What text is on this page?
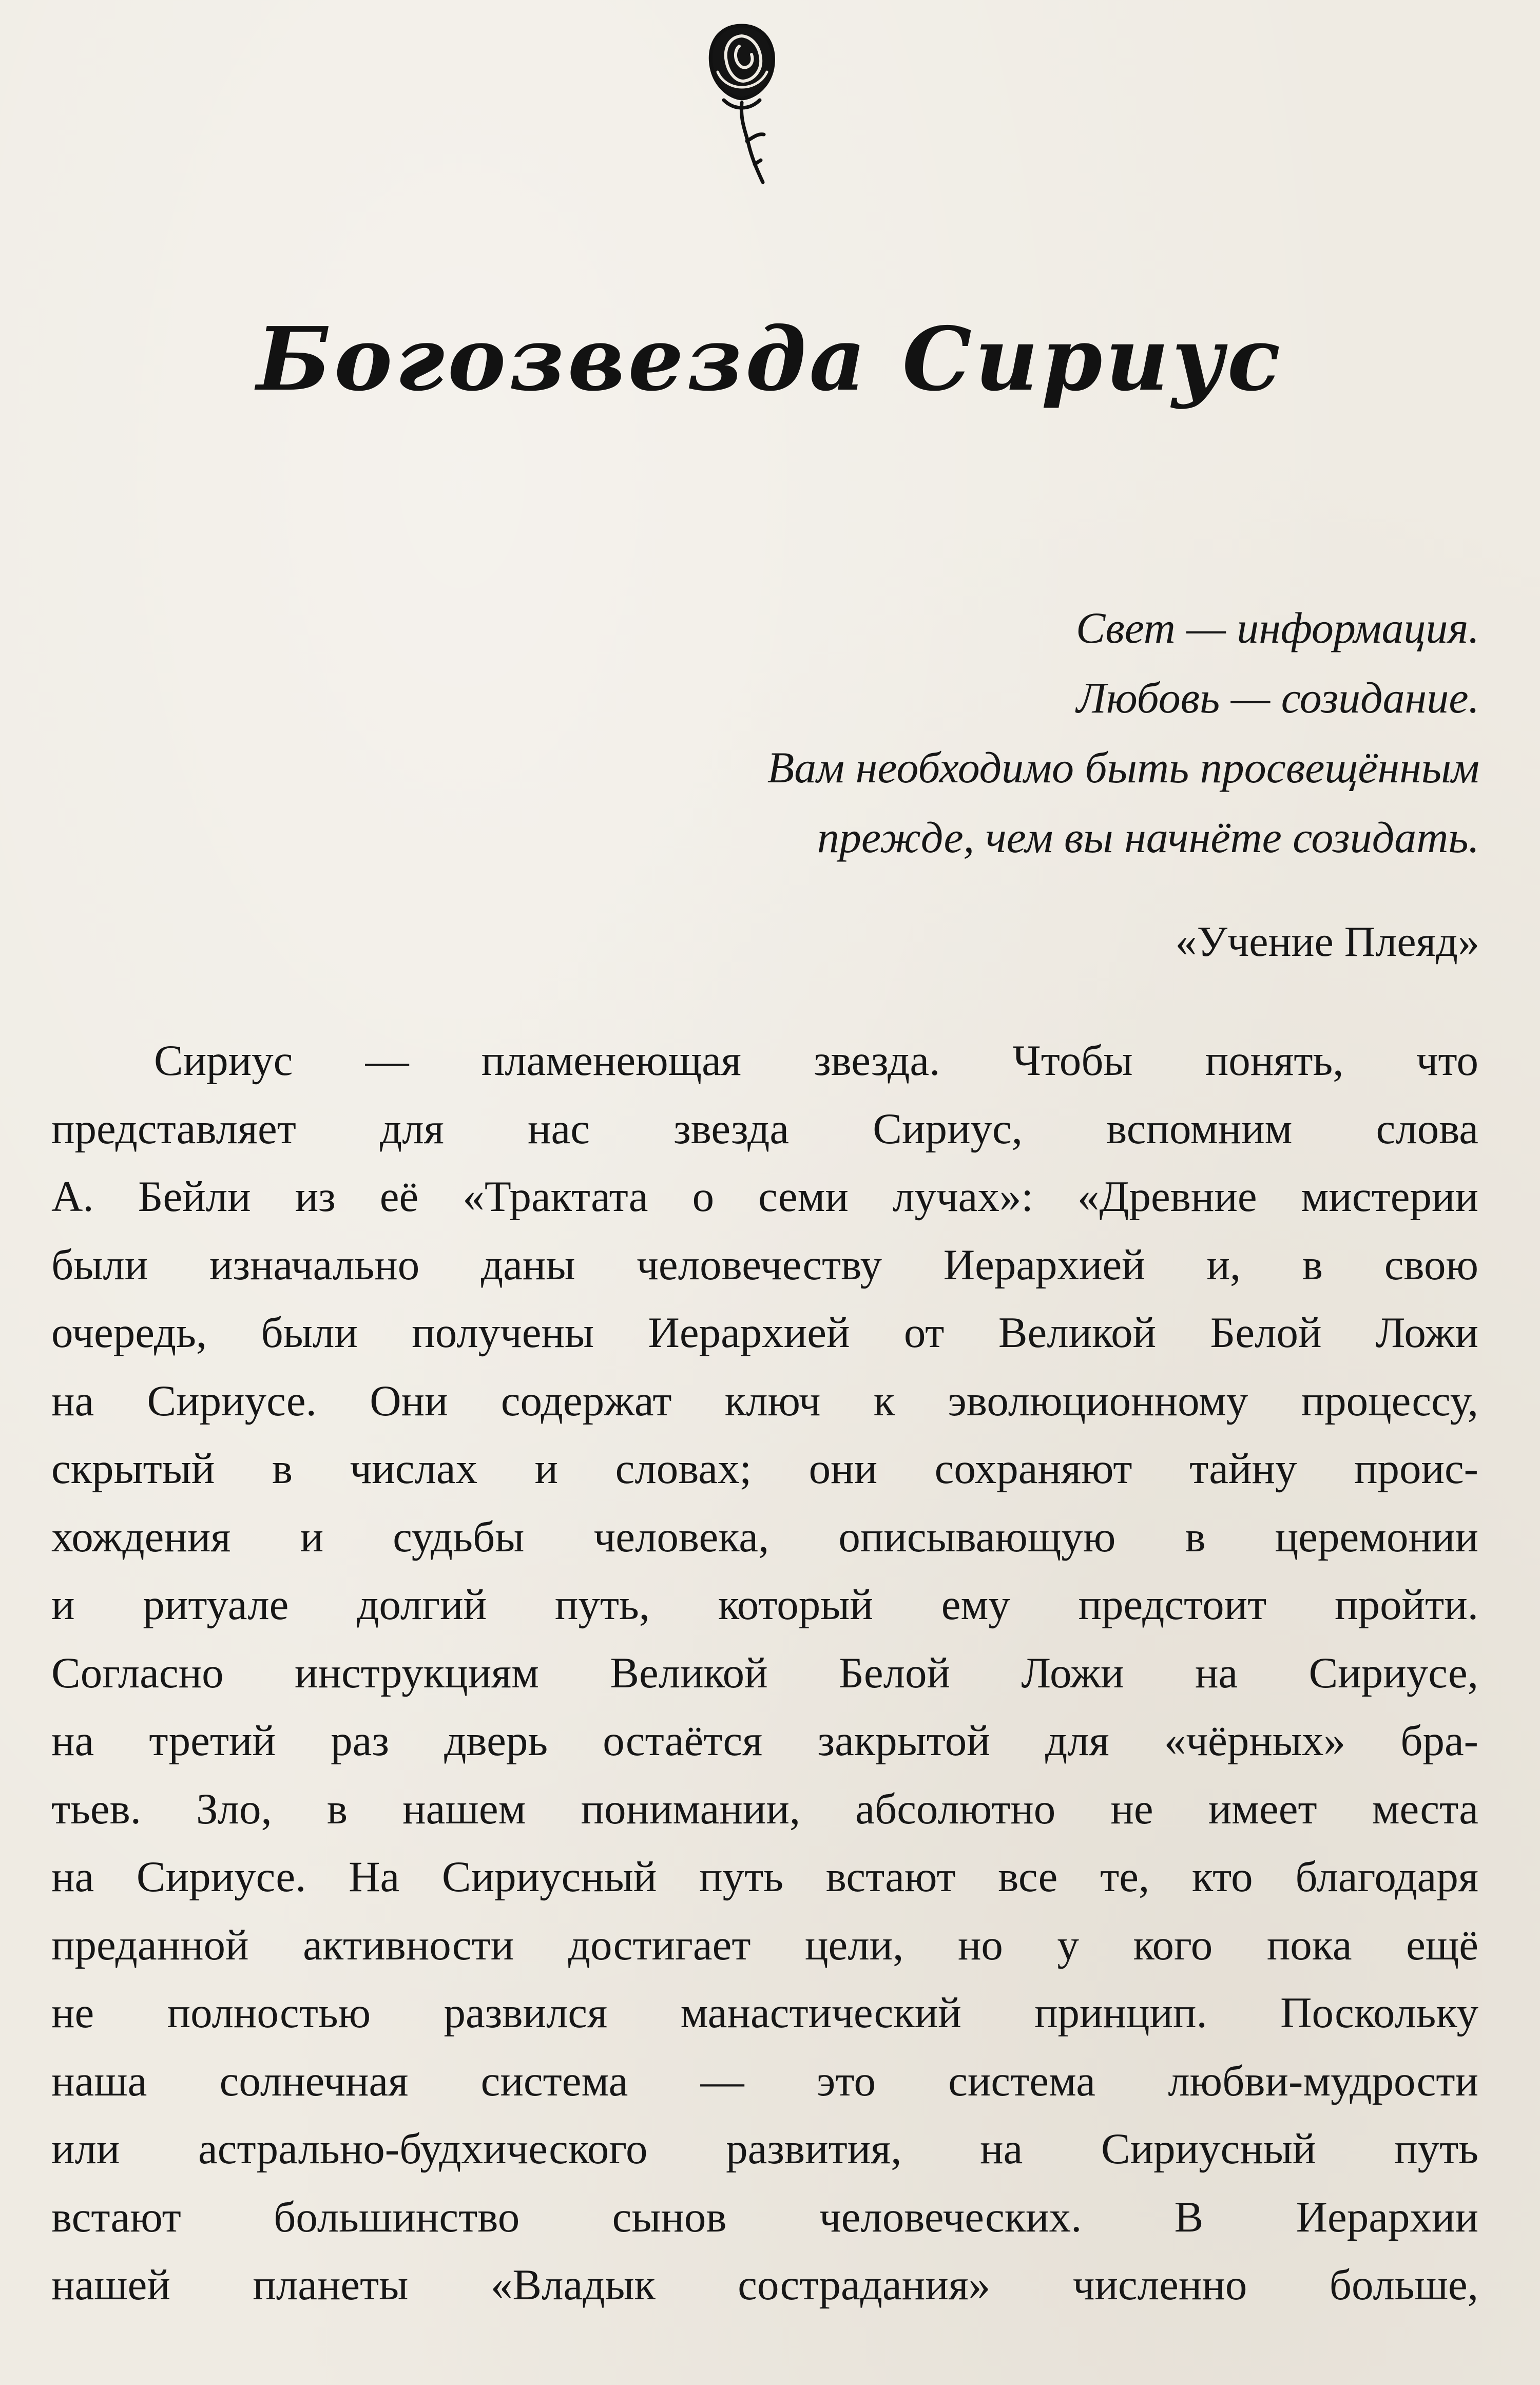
Богозвезда Сириус
Свет — информация.
Любовь — созидание.
Вам необходимо быть просвещённым
прежде, чем вы начнёте созидать.
«Учение Плеяд»
Сириус — пламенеющая звезда. Чтобы понять, что
представляет для нас звезда Сириус, вспомним слова
А. Бейли из её «Трактата о семи лучах»: «Древние мистерии
были изначально даны человечеству Иерархией и, в свою
очередь, были получены Иерархией от Великой Белой Ложи
на Сириусе. Они содержат ключ к эволюционному процессу,
скрытый в числах и словах; они сохраняют тайну проис-
хождения и судьбы человека, описывающую в церемонии
и ритуале долгий путь, который ему предстоит пройти.
Согласно инструкциям Великой Белой Ложи на Сириусе,
на третий раз дверь остаётся закрытой для «чёрных» бра-
тьев. Зло, в нашем понимании, абсолютно не имеет места
на Сириусе. На Сириусный путь встают все те, кто благодаря
преданной активности достигает цели, но у кого пока ещё
не полностью развился манастический принцип. Поскольку
наша солнечная система — это система любви-мудрости
или астрально-будхического развития, на Сириусный путь
встают большинство сынов человеческих. В Иерархии
нашей планеты «Владык сострадания» численно больше,
